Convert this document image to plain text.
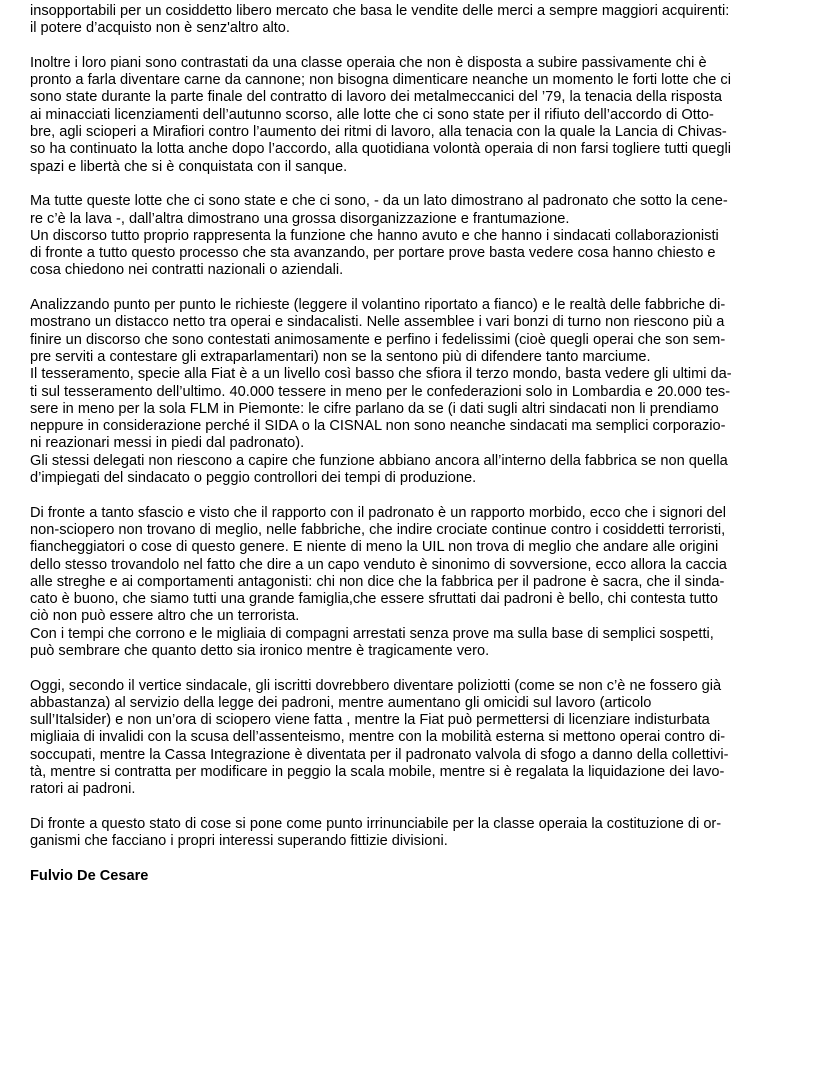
insopportabili per un cosiddetto libero mercato che basa le vendite delle merci a sempre maggiori acquirenti:
il potere d’acquisto non è senz'altro alto.

Inoltre i loro piani sono contrastati da una classe operaia che non è disposta a subire passivamente chi è
pronto a farla diventare carne da cannone; non bisogna dimenticare neanche un momento le forti lotte che ci
sono state durante la parte finale del contratto di lavoro dei metalmeccanici del ’79, la tenacia della risposta
ai minacciati licenziamenti dell’autunno scorso, alle lotte che ci sono state per il rifiuto dell’accordo di Otto-
bre, agli scioperi a Mirafiori contro l’aumento dei ritmi di lavoro, alla tenacia con la quale la Lancia di Chivas-
so ha continuato la lotta anche dopo l’accordo, alla quotidiana volontà operaia di non farsi togliere tutti quegli
spazi e libertà che si è conquistata con il sanque.

Ma tutte queste lotte che ci sono state e che ci sono, - da un lato dimostrano al padronato che sotto la cene-
re c’è la lava -, dall’altra dimostrano una grossa disorganizzazione e frantumazione.

Un discorso tutto proprio rappresenta la funzione che hanno avuto e che hanno i sindacati collaborazionisti
di fronte a tutto questo processo che sta avanzando, per portare prove basta vedere cosa hanno chiesto e
cosa chiedono nei contratti nazionali o aziendali.

Analizzando punto per punto le richieste (leggere il volantino riportato a fianco) e le realtà delle fabbriche di-
mostrano un distacco netto tra operai e sindacalisti. Nelle assemblee i vari bonzi di turno non riescono più a
finire un discorso che sono contestati animosamente e perfino i fedelissimi (cioè quegli operai che son sem-
pre serviti a contestare gli extraparlamentari) non se la sentono più di difendere tanto marciume.

Il tesseramento, specie alla Fiat è a un livello così basso che sfiora il terzo mondo, basta vedere gli ultimi da-
ti sul tesseramento dell’ultimo. 40.000 tessere in meno per le confederazioni solo in Lombardia e 20.000 tes-
sere in meno per la sola FLM in Piemonte: le cifre parlano da se (i dati sugli altri sindacati non li prendiamo
neppure in considerazione perché il SIDA o la CISNAL non sono neanche sindacati ma semplici corporazio-
ni reazionari messi in piedi dal padronato).

Gli stessi delegati non riescono a capire che funzione abbiano ancora all’interno della fabbrica se non quella
d’impiegati del sindacato o peggio controllori dei tempi di produzione.

Di fronte a tanto sfascio e visto che il rapporto con il padronato è un rapporto morbido, ecco che i signori del
non-sciopero non trovano di meglio, nelle fabbriche, che indire crociate continue contro i cosiddetti terroristi,
fiancheggiatori o cose di questo genere. E niente di meno la UIL non trova di meglio che andare alle origini
dello stesso trovandolo nel fatto che dire a un capo venduto è sinonimo di sovversione, ecco allora la caccia
alle streghe e ai comportamenti antagonisti: chi non dice che la fabbrica per il padrone è sacra, che il sinda-
cato è buono, che siamo tutti una grande famiglia,che essere sfruttati dai padroni è bello, chi contesta tutto
ciò non può essere altro che un terrorista.

Con i tempi che corrono e le migliaia di compagni arrestati senza prove ma sulla base di semplici sospetti,
può sembrare che quanto detto sia ironico mentre è tragicamente vero.

Oggi, secondo il vertice sindacale, gli iscritti dovrebbero diventare poliziotti (come se non c’è ne fossero già
abbastanza) al servizio della legge dei padroni, mentre aumentano gli omicidi sul lavoro (articolo
sull’Italsider) e non un’ora di sciopero viene fatta , mentre la Fiat può permettersi di licenziare indisturbata
migliaia di invalidi con la scusa dell’assenteismo, mentre con la mobilità esterna si mettono operai contro di-
soccupati, mentre la Cassa Integrazione è diventata per il padronato valvola di sfogo a danno della collettivi-
tà, mentre si contratta per modificare in peggio la scala mobile, mentre si è regalata la liquidazione dei lavo-
ratori ai padroni.

Di fronte a questo stato di cose si pone come punto irrinunciabile per la classe operaia la costituzione di or-
ganismi che facciano i propri interessi superando fittizie divisioni.

Fulvio De Cesare
